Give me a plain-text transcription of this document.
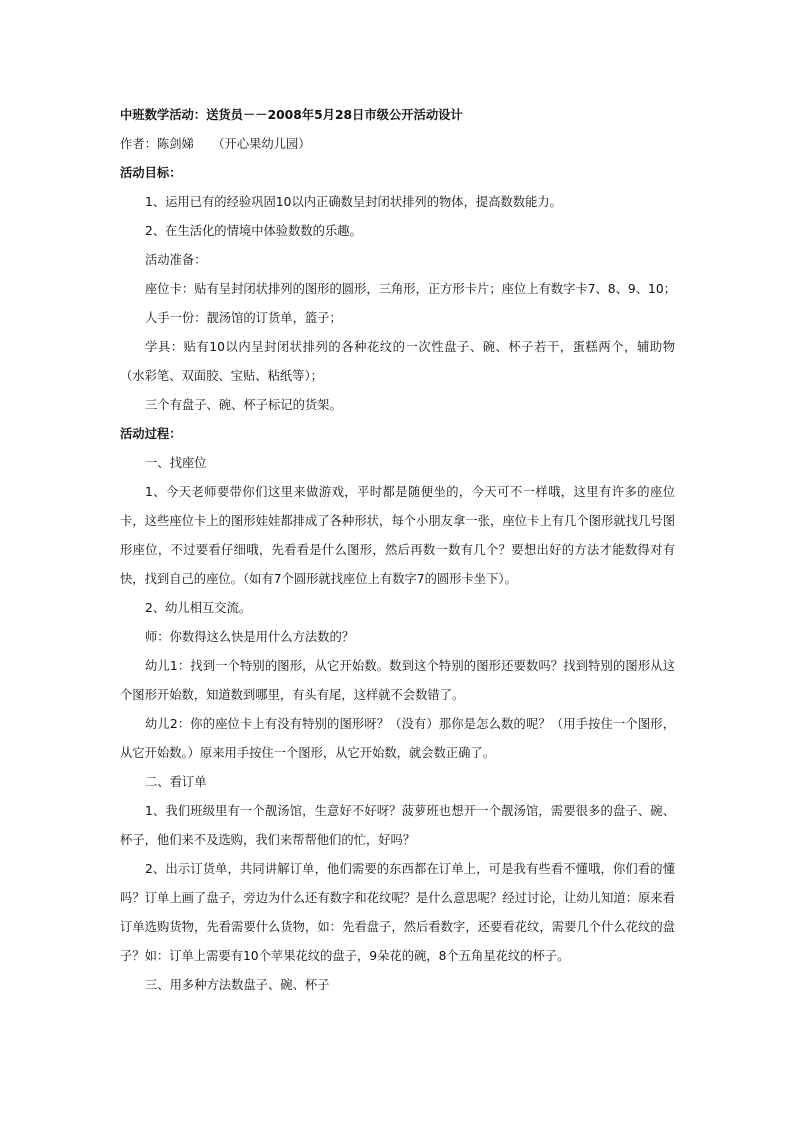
中班数学活动：送货员－－2008年5月28日市级公开活动设计
作者：陈剑娣　　（开心果幼儿园）
活动目标：
1、运用已有的经验巩固10以内正确数呈封闭状排列的物体，提高数数能力。
2、在生活化的情境中体验数数的乐趣。
活动准备：
座位卡：贴有呈封闭状排列的图形的圆形，三角形，正方形卡片；座位上有数字卡7、8、9、10；
人手一份：靓汤馆的订货单，篮子；
学具：贴有10以内呈封闭状排列的各种花纹的一次性盘子、碗、杯子若干，蛋糕两个，辅助物（水彩笔、双面胶、宝贴、粘纸等）；
三个有盘子、碗、杯子标记的货架。
活动过程：
一、找座位
1、今天老师要带你们这里来做游戏，平时都是随便坐的，今天可不一样哦，这里有许多的座位卡，这些座位卡上的图形娃娃都排成了各种形状，每个小朋友拿一张，座位卡上有几个图形就找几号图形座位，不过要看仔细哦，先看看是什么图形，然后再数一数有几个？要想出好的方法才能数得对有快，找到自己的座位。（如有7个圆形就找座位上有数字7的圆形卡坐下）。
2、幼儿相互交流。
师：你数得这么快是用什么方法数的？
幼儿1：找到一个特别的图形，从它开始数。数到这个特别的图形还要数吗？找到特别的图形从这个图形开始数，知道数到哪里，有头有尾，这样就不会数错了。
幼儿2：你的座位卡上有没有特别的图形呀？（没有）那你是怎么数的呢？（用手按住一个图形，从它开始数。）原来用手按住一个图形，从它开始数，就会数正确了。
二、看订单
1、我们班级里有一个靓汤馆，生意好不好呀？菠萝班也想开一个靓汤馆，需要很多的盘子、碗、杯子，他们来不及选购，我们来帮帮他们的忙，好吗？
2、出示订货单，共同讲解订单，他们需要的东西都在订单上，可是我有些看不懂哦，你们看的懂吗？订单上画了盘子，旁边为什么还有数字和花纹呢？是什么意思呢？经过讨论，让幼儿知道：原来看订单选购货物，先看需要什么货物，如：先看盘子，然后看数字，还要看花纹，需要几个什么花纹的盘子？如：订单上需要有10个苹果花纹的盘子，9朵花的碗，8个五角星花纹的杯子。
三、用多种方法数盘子、碗、杯子
